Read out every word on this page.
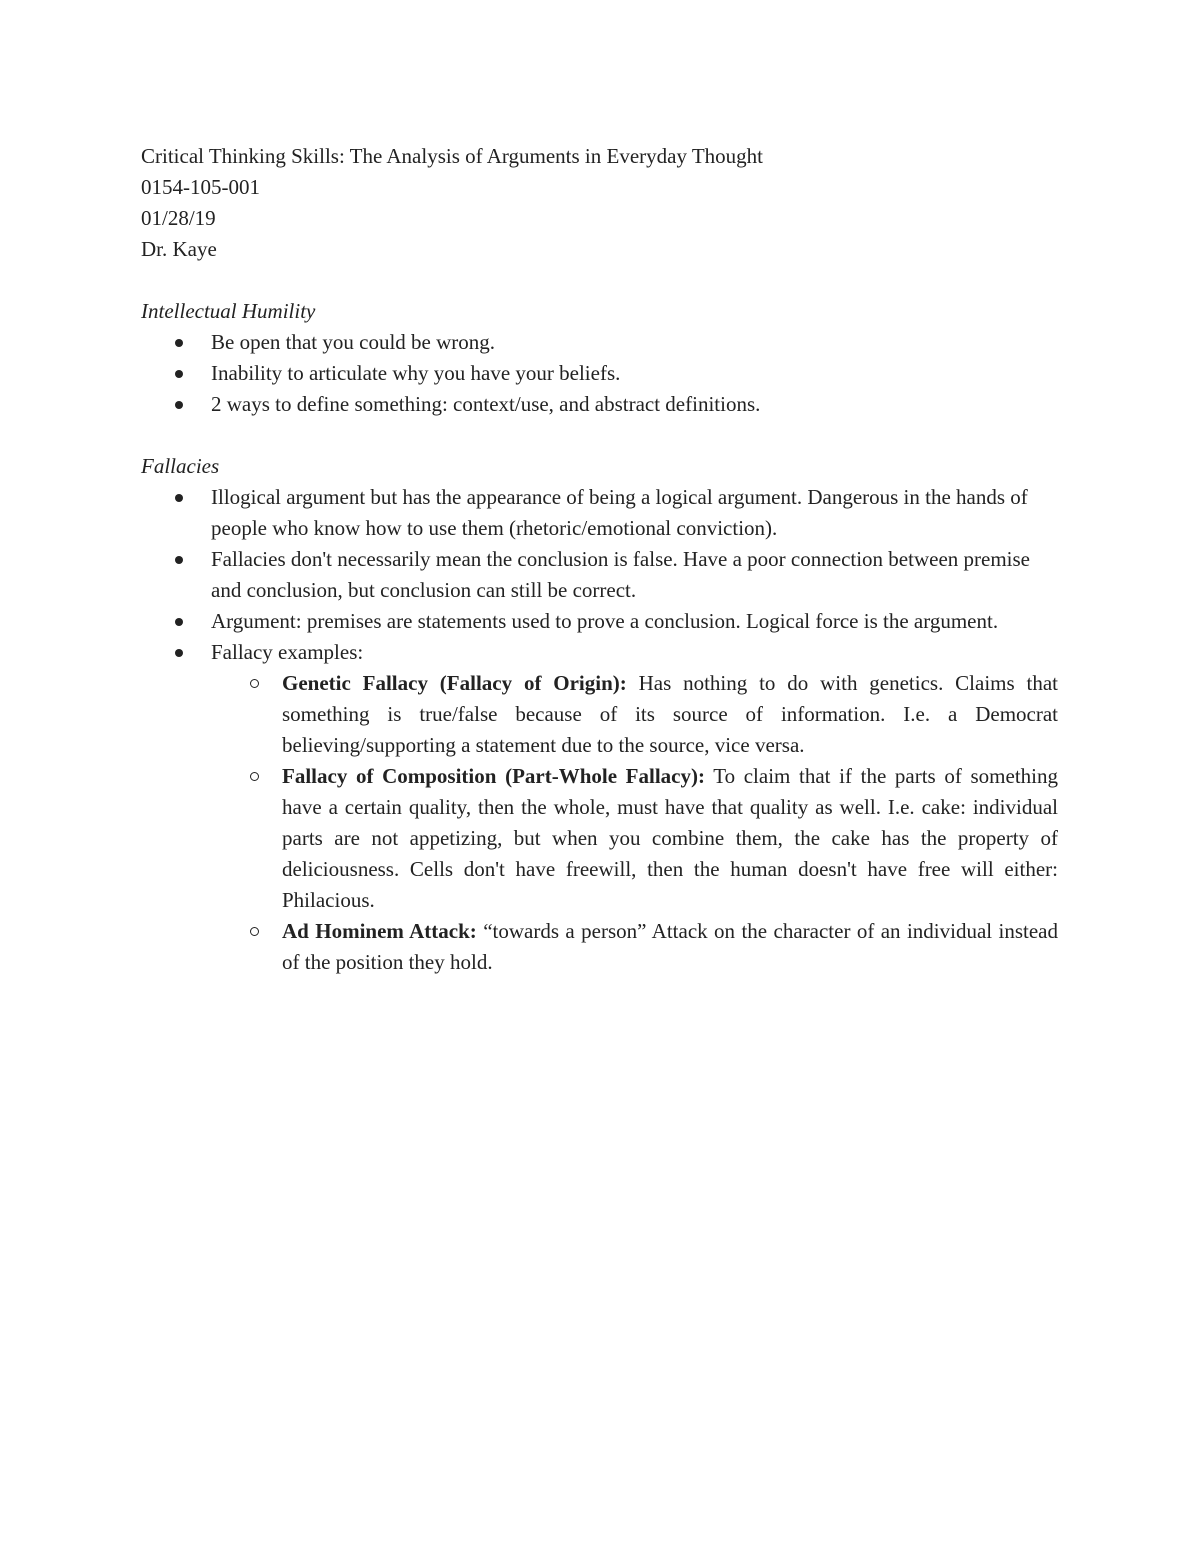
Critical Thinking Skills: The Analysis of Arguments in Everyday Thought
0154-105-001
01/28/19
Dr. Kaye
Intellectual Humility
Be open that you could be wrong.
Inability to articulate why you have your beliefs.
2 ways to define something: context/use, and abstract definitions.
Fallacies
Illogical argument but has the appearance of being a logical argument. Dangerous in the hands of people who know how to use them (rhetoric/emotional conviction).
Fallacies don't necessarily mean the conclusion is false. Have a poor connection between premise and conclusion, but conclusion can still be correct.
Argument: premises are statements used to prove a conclusion. Logical force is the argument.
Fallacy examples:
Genetic Fallacy (Fallacy of Origin): Has nothing to do with genetics. Claims that something is true/false because of its source of information. I.e. a Democrat believing/supporting a statement due to the source, vice versa.
Fallacy of Composition (Part-Whole Fallacy): To claim that if the parts of something have a certain quality, then the whole, must have that quality as well. I.e. cake: individual parts are not appetizing, but when you combine them, the cake has the property of deliciousness. Cells don't have freewill, then the human doesn't have free will either: Philacious.
Ad Hominem Attack: “towards a person” Attack on the character of an individual instead of the position they hold.
